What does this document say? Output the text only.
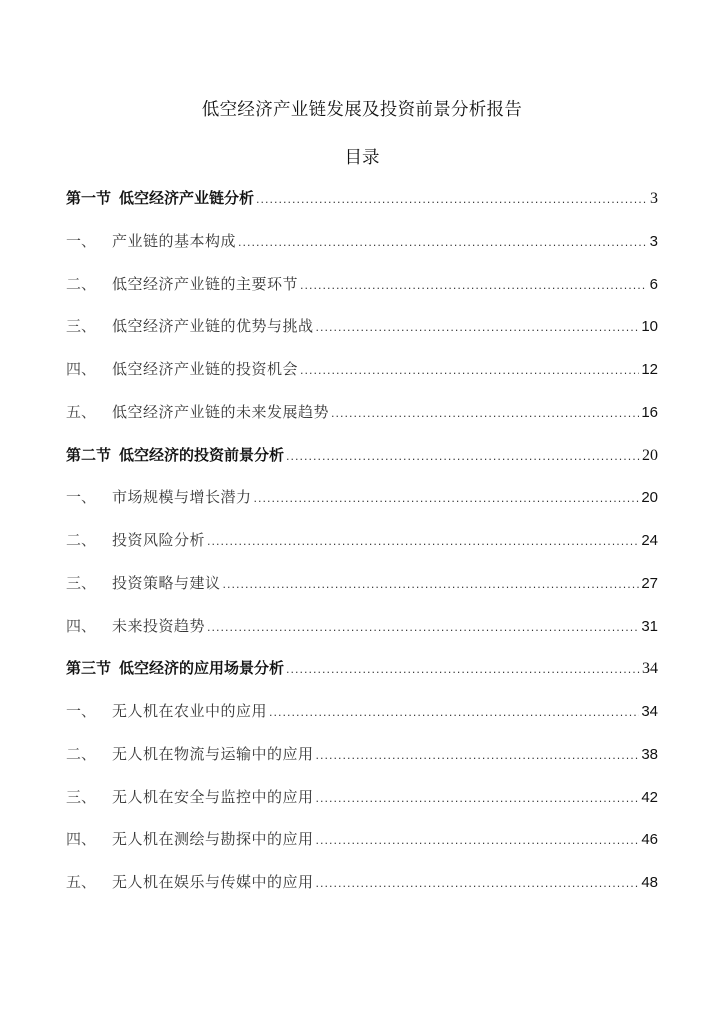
低空经济产业链发展及投资前景分析报告
目录
第一节 低空经济产业链分析 .....	3
一、	产业链的基本构成 .....	3
二、	低空经济产业链的主要环节 .....	6
三、	低空经济产业链的优势与挑战 .....	10
四、	低空经济产业链的投资机会 .....	12
五、	低空经济产业链的未来发展趋势 .....	16
第二节 低空经济的投资前景分析 .....	20
一、	市场规模与增长潜力 .....	20
二、	投资风险分析 .....	24
三、	投资策略与建议 .....	27
四、	未来投资趋势 .....	31
第三节 低空经济的应用场景分析 .....	34
一、	无人机在农业中的应用 .....	34
二、	无人机在物流与运输中的应用 .....	38
三、	无人机在安全与监控中的应用 .....	42
四、	无人机在测绘与勘探中的应用 .....	46
五、	无人机在娱乐与传媒中的应用 .....	48
